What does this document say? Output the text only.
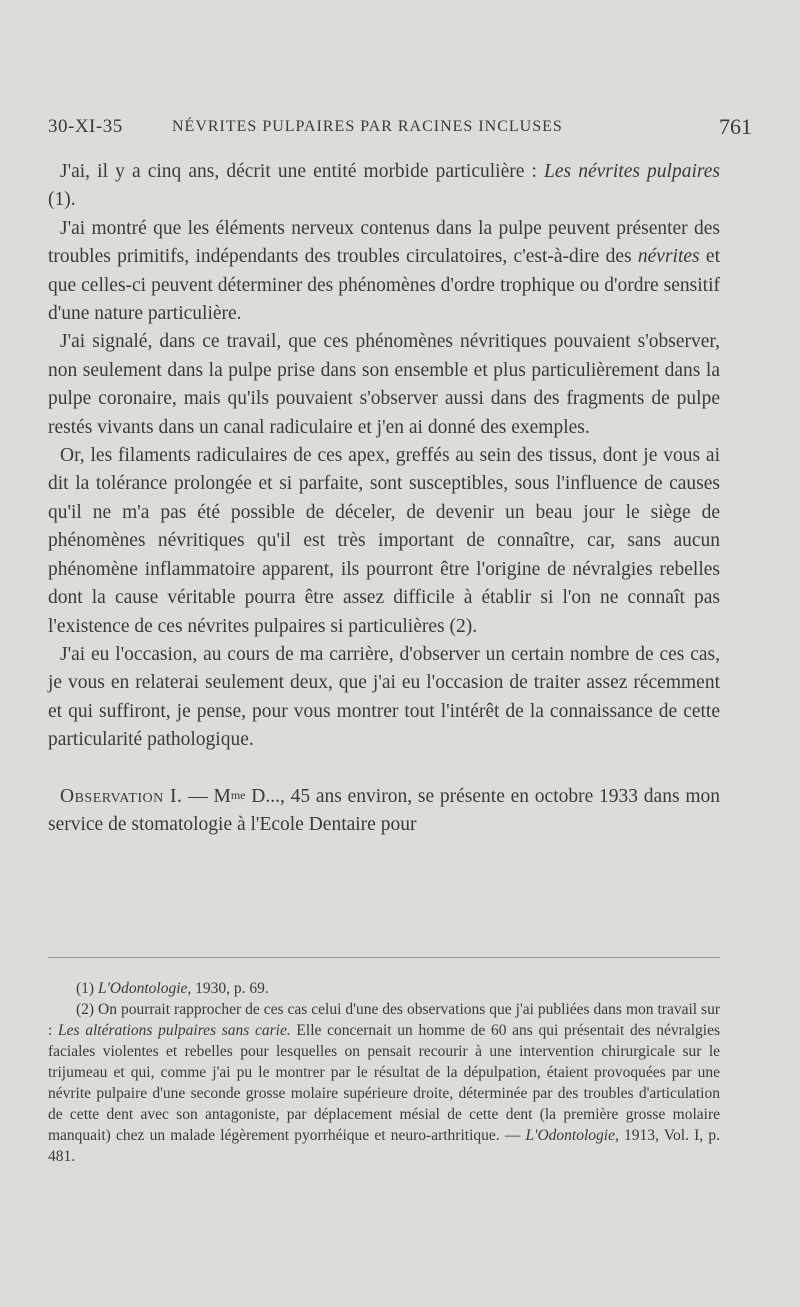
30-XI-35	NÉVRITES PULPAIRES PAR RACINES INCLUSES	761

J'ai, il y a cinq ans, décrit une entité morbide particulière : Les névrites pulpaires (1).

J'ai montré que les éléments nerveux contenus dans la pulpe peuvent présenter des troubles primitifs, indépendants des troubles circulatoires, c'est-à-dire des névrites et que celles-ci peuvent déterminer des phénomènes d'ordre trophique ou d'ordre sensitif d'une nature particulière.

J'ai signalé, dans ce travail, que ces phénomènes névritiques pouvaient s'observer, non seulement dans la pulpe prise dans son ensemble et plus particulièrement dans la pulpe coronaire, mais qu'ils pouvaient s'observer aussi dans des fragments de pulpe restés vivants dans un canal radiculaire et j'en ai donné des exemples.

Or, les filaments radiculaires de ces apex, greffés au sein des tissus, dont je vous ai dit la tolérance prolongée et si parfaite, sont susceptibles, sous l'influence de causes qu'il ne m'a pas été possible de déceler, de devenir un beau jour le siège de phénomènes névritiques qu'il est très important de connaître, car, sans aucun phénomène inflammatoire apparent, ils pourront être l'origine de névralgies rebelles dont la cause véritable pourra être assez difficile à établir si l'on ne connaît pas l'existence de ces névrites pulpaires si particulières (2).

J'ai eu l'occasion, au cours de ma carrière, d'observer un certain nombre de ces cas, je vous en relaterai seulement deux, que j'ai eu l'occasion de traiter assez récemment et qui suffiront, je pense, pour vous montrer tout l'intérêt de la connaissance de cette particularité pathologique.

Observation I. — $M^{me}$ D..., 45 ans environ, se présente en octobre 1933 dans mon service de stomatologie à l'Ecole Dentaire pour

(1) L'Odontologie, 1930, p. 69.

(2) On pourrait rapprocher de ces cas celui d'une des observations que j'ai publiées dans mon travail sur : Les altérations pulpaires sans carie. Elle concernait un homme de 60 ans qui présentait des névralgies faciales violentes et rebelles pour lesquelles on pensait recourir à une intervention chirurgicale sur le trijumeau et qui, comme j'ai pu le montrer par le résultat de la dépulpation, étaient provoquées par une névrite pulpaire d'une seconde grosse molaire supérieure droite, déterminée par des troubles d'articulation de cette dent avec son antagoniste, par déplacement mésial de cette dent (la première grosse molaire manquait) chez un malade légèrement pyorrhéique et neuro-arthritique. — L'Odontologie, 1913, Vol. I, p. 481.
